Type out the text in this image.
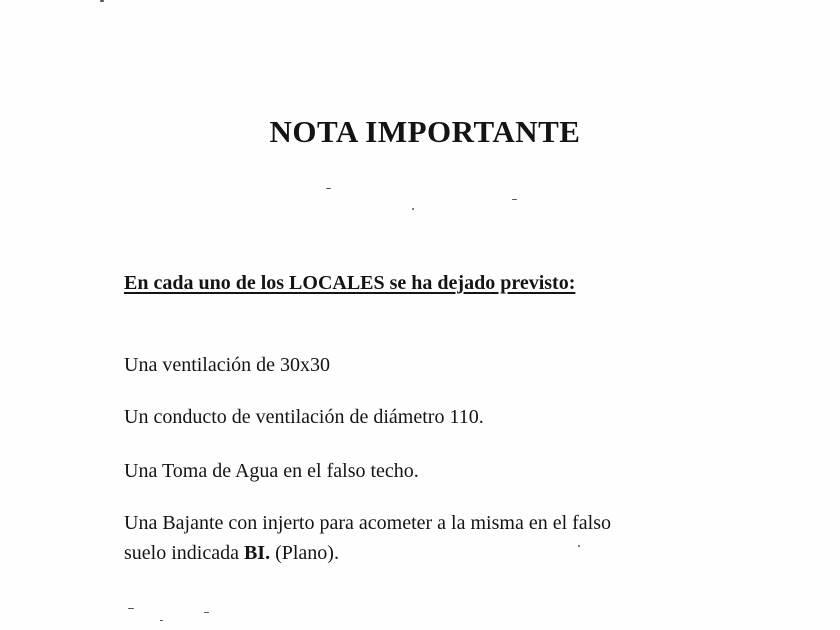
NOTA IMPORTANTE
En cada uno de los LOCALES se ha dejado previsto:
Una ventilación de 30x30
Un conducto de ventilación de diámetro 110.
Una Toma de Agua en el falso techo.
Una Bajante con injerto para acometer a la misma en el falso
suelo indicada BI. (Plano).
